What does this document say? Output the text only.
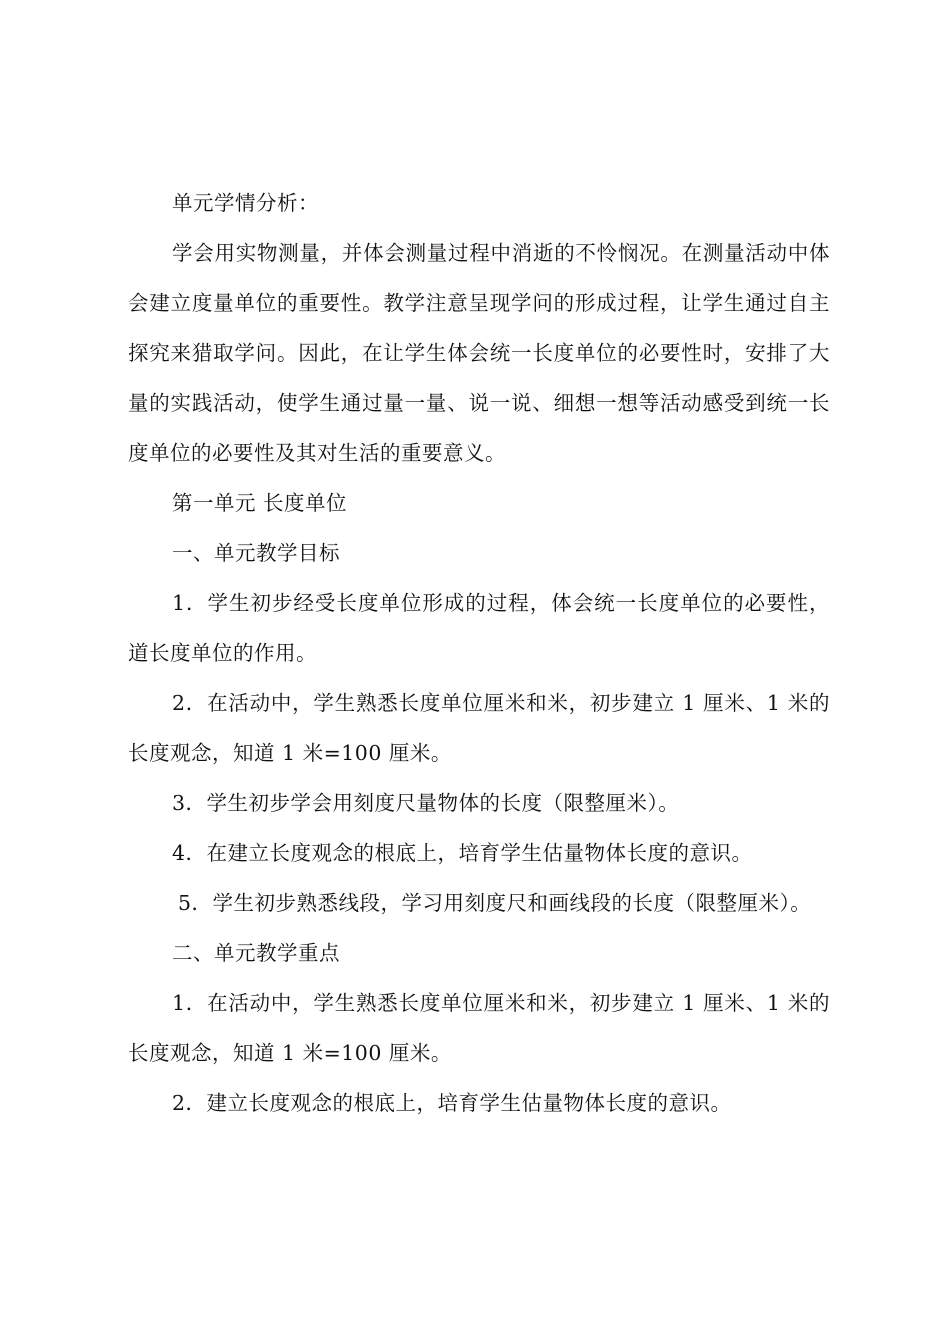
单元学情分析：

学会用实物测量，并体会测量过程中消逝的不怜悯况。在测量活动中体会建立度量单位的重要性。教学注意呈现学问的形成过程，让学生通过自主探究来猎取学问。因此，在让学生体会统一长度单位的必要性时，安排了大量的实践活动，使学生通过量一量、说一说、细想一想等活动感受到统一长度单位的必要性及其对生活的重要意义。

第一单元 长度单位

一、单元教学目标

1．学生初步经受长度单位形成的过程，体会统一长度单位的必要性，道长度单位的作用。

2．在活动中，学生熟悉长度单位厘米和米，初步建立 1 厘米、1 米的长度观念，知道 1 米=100 厘米。

3．学生初步学会用刻度尺量物体的长度（限整厘米）。

4．在建立长度观念的根底上，培育学生估量物体长度的意识。

5．学生初步熟悉线段，学习用刻度尺和画线段的长度（限整厘米）。

二、单元教学重点

1．在活动中，学生熟悉长度单位厘米和米，初步建立 1 厘米、1 米的长度观念，知道 1 米=100 厘米。

2．建立长度观念的根底上，培育学生估量物体长度的意识。
